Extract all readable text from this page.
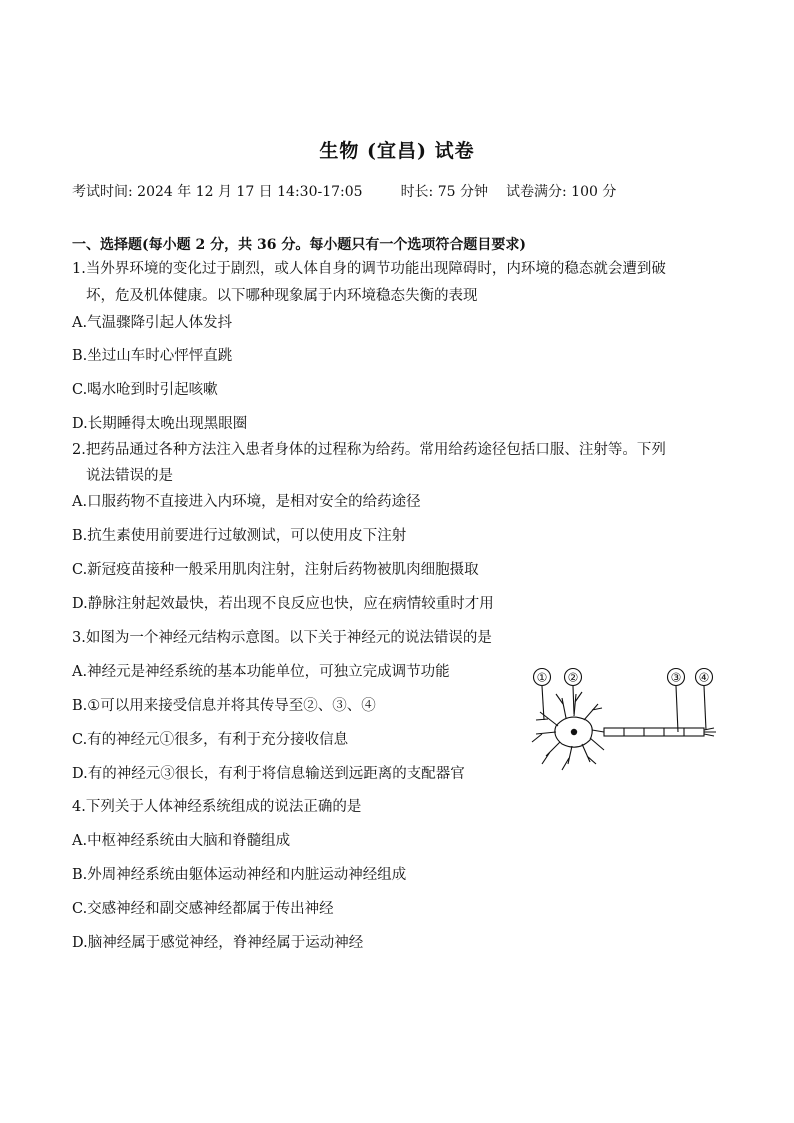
生物 (宜昌) 试卷
考试时间: 2024 年 12 月 17 日 14:30-17:05	时长: 75 分钟 试卷满分: 100 分
一、选择题(每小题 2 分，共 36 分。每小题只有一个选项符合题目要求)
1.当外界环境的变化过于剧烈，或人体自身的调节功能出现障碍时，内环境的稳态就会遭到破
坏，危及机体健康。以下哪种现象属于内环境稳态失衡的表现
A.气温骤降引起人体发抖
B.坐过山车时心怦怦直跳
C.喝水呛到时引起咳嗽
D.长期睡得太晚出现黑眼圈
2.把药品通过各种方法注入患者身体的过程称为给药。常用给药途径包括口服、注射等。下列
说法错误的是
A.口服药物不直接进入内环境，是相对安全的给药途径
B.抗生素使用前要进行过敏测试，可以使用皮下注射
C.新冠疫苗接种一般采用肌肉注射，注射后药物被肌肉细胞摄取
D.静脉注射起效最快，若出现不良反应也快，应在病情较重时才用
3.如图为一个神经元结构示意图。以下关于神经元的说法错误的是
A.神经元是神经系统的基本功能单位，可独立完成调节功能
B.①可以用来接受信息并将其传导至②、③、④
C.有的神经元①很多，有利于充分接收信息
D.有的神经元③很长，有利于将信息输送到远距离的支配器官
① ②	③ ④
4.下列关于人体神经系统组成的说法正确的是
A.中枢神经系统由大脑和脊髓组成
B.外周神经系统由躯体运动神经和内脏运动神经组成
C.交感神经和副交感神经都属于传出神经
D.脑神经属于感觉神经，脊神经属于运动神经
